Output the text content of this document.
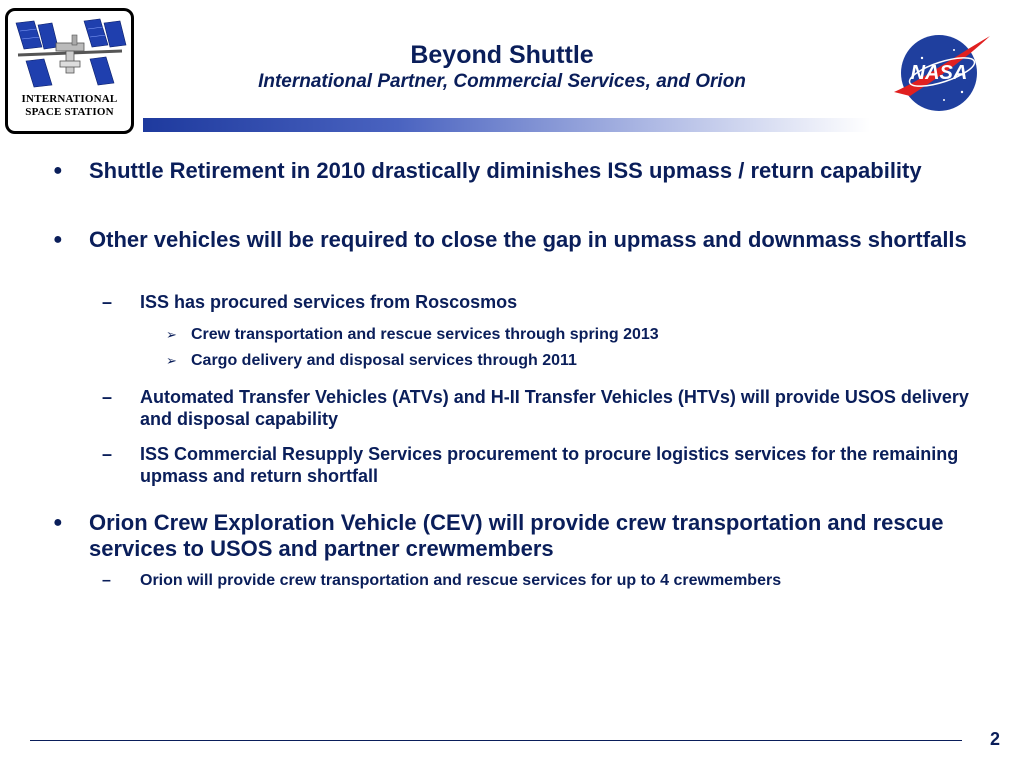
INTERNATIONAL
SPACE STATION
Beyond Shuttle
International Partner, Commercial Services, and Orion	NASA
● Shuttle Retirement in 2010 drastically diminishes ISS upmass / return capability
● Other vehicles will be required to close the gap in upmass and downmass shortfalls
– ISS has procured services from Roscosmos
➢ Crew transportation and rescue services through spring 2013
➢ Cargo delivery and disposal services through 2011
– Automated Transfer Vehicles (ATVs) and H-II Transfer Vehicles (HTVs) will provide USOS delivery and disposal capability
– ISS Commercial Resupply Services procurement to procure logistics services for the remaining upmass and return shortfall
● Orion Crew Exploration Vehicle (CEV) will provide crew transportation and rescue services to USOS and partner crewmembers
– Orion will provide crew transportation and rescue services for up to 4 crewmembers
2
